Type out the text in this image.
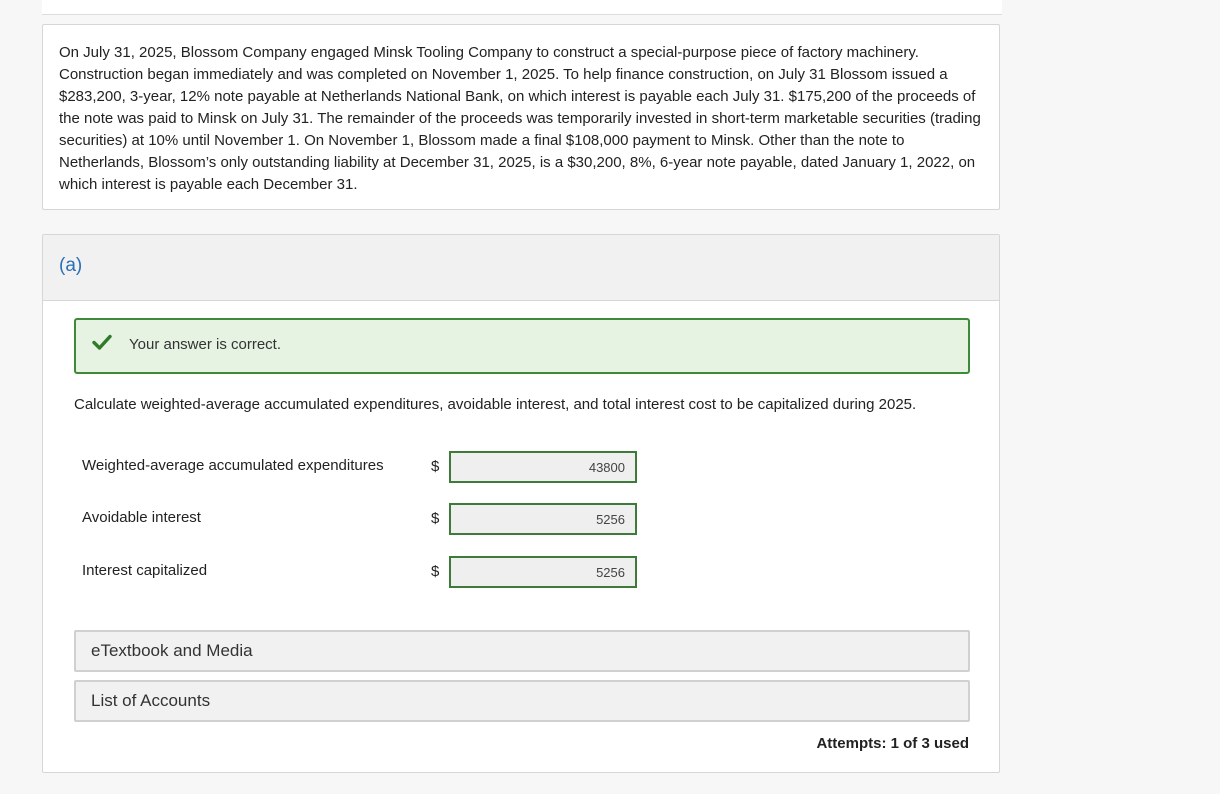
On July 31, 2025, Blossom Company engaged Minsk Tooling Company to construct a special-purpose piece of factory machinery. Construction began immediately and was completed on November 1, 2025. To help finance construction, on July 31 Blossom issued a $283,200, 3-year, 12% note payable at Netherlands National Bank, on which interest is payable each July 31. $175,200 of the proceeds of the note was paid to Minsk on July 31. The remainder of the proceeds was temporarily invested in short-term marketable securities (trading securities) at 10% until November 1. On November 1, Blossom made a final $108,000 payment to Minsk. Other than the note to Netherlands, Blossom’s only outstanding liability at December 31, 2025, is a $30,200, 8%, 6-year note payable, dated January 1, 2022, on which interest is payable each December 31.

(a)
Your answer is correct.
Calculate weighted-average accumulated expenditures, avoidable interest, and total interest cost to be capitalized during 2025.
Weighted-average accumulated expenditures	$
43800
Avoidable interest	$
5256
Interest capitalized	$
5256
eTextbook and Media
List of Accounts
Attempts: 1 of 3 used
